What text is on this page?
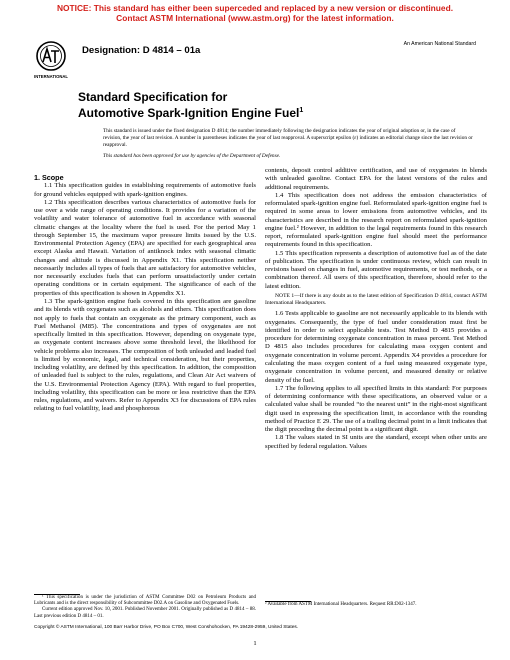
NOTICE: This standard has either been superceded and replaced by a new version or discontinued.
Contact ASTM International (www.astm.org) for the latest information.
INTERNATIONAL
Designation: D 4814 – 01a
An American National Standard
Standard Specification for
Automotive Spark-Ignition Engine Fuel$^1$
This standard is issued under the fixed designation D 4814; the number immediately following the designation indicates the year of original adoption or, in the case of revision, the year of last revision. A number in parentheses indicates the year of last reapproval. A superscript epsilon (ε) indicates an editorial change since the last revision or reapproval.
This standard has been approved for use by agencies of the Department of Defense.

1. Scope

1.1 This specification guides in establishing requirements of automotive fuels for ground vehicles equipped with spark-ignition engines.

1.2 This specification describes various characteristics of automotive fuels for use over a wide range of operating conditions. It provides for a variation of the volatility and water tolerance of automotive fuel in accordance with seasonal climatic changes at the locality where the fuel is used. For the period May 1 through September 15, the maximum vapor pressure limits issued by the U.S. Environmental Protection Agency (EPA) are specified for each geographical area except Alaska and Hawaii. Variation of antiknock index with seasonal climatic changes and altitude is discussed in Appendix X1. This specification neither necessarily includes all types of fuels that are satisfactory for automotive vehicles, nor necessarily excludes fuels that can perform unsatisfactorily under certain operating conditions or in certain equipment. The significance of each of the properties of this specification is shown in Appendix X1.

1.3 The spark-ignition engine fuels covered in this specification are gasoline and its blends with oxygenates such as alcohols and ethers. This specification does not apply to fuels that contain an oxygenate as the primary component, such as Fuel Methanol (M85). The concentrations and types of oxygenates are not specifically limited in this specification. However, depending on oxygenate type, as oxygenate content increases above some threshold level, the likelihood for vehicle problems also increases. The composition of both unleaded and leaded fuel is limited by economic, legal, and technical consideration, but their properties, including volatility, are defined by this specification. In addition, the composition of unleaded fuel is subject to the rules, regulations, and Clean Air Act waivers of the U.S. Environmental Protection Agency (EPA). With regard to fuel properties, including volatility, this specification can be more or less restrictive than the EPA rules, regulations, and waivers. Refer to Appendix X3 for discussions of EPA rules relating to fuel volatility, lead and phosphorous

contents, deposit control additive certification, and use of oxygenates in blends with unleaded gasoline. Contact EPA for the latest versions of the rules and additional requirements.

1.4 This specification does not address the emission characteristics of reformulated spark-ignition engine fuel. Reformulated spark-ignition engine fuel is required in some areas to lower emissions from automotive vehicles, and its characteristics are described in the research report on reformulated spark-ignition engine fuel.² However, in addition to the legal requirements found in this research report, reformulated spark-ignition engine fuel should meet the performance requirements found in this specification.

1.5 This specification represents a description of automotive fuel as of the date of publication. The specification is under continuous review, which can result in revisions based on changes in fuel, automotive requirements, or test methods, or a combination thereof. All users of this specification, therefore, should refer to the latest edition.

NOTE 1—If there is any doubt as to the latest edition of Specification D 4814, contact ASTM International Headquarters.

1.6 Tests applicable to gasoline are not necessarily applicable to its blends with oxygenates. Consequently, the type of fuel under consideration must first be identified in order to select applicable tests. Test Method D 4815 provides a procedure for determining oxygenate concentration in mass percent. Test Method D 4815 also includes procedures for calculating mass oxygen content and oxygenate concentration in volume percent. Appendix X4 provides a procedure for calculating the mass oxygen content of a fuel using measured oxygenate type, oxygenate concentration in volume percent, and measured density or relative density of the fuel.

1.7 The following applies to all specified limits in this standard: For purposes of determining conformance with these specifications, an observed value or a calculated value shall be rounded “to the nearest unit” in the right-most significant digit used in expressing the specification limit, in accordance with the rounding method of Practice E 29. The use of a trailing decimal point in a limit indicates that the digit preceding the decimal point is a significant digit.

1.8 The values stated in SI units are the standard, except when other units are specified by federal regulation. Values

¹ This specification is under the jurisdiction of ASTM Committee D02 on Petroleum Products and Lubricants and is the direct responsibility of Subcommittee D02.A on Gasoline and Oxygenated Fuels.

Current edition approved Nov. 10, 2001. Published November 2001. Originally published as D 4814 – 88. Last previous edition D 4814 – 01.

² Available from ASTM International Headquarters. Request RR:D02-1347.
Copyright © ASTM International, 100 Barr Harbor Drive, PO Box C700, West Conshohocken, PA 19428-2959, United States.
1
